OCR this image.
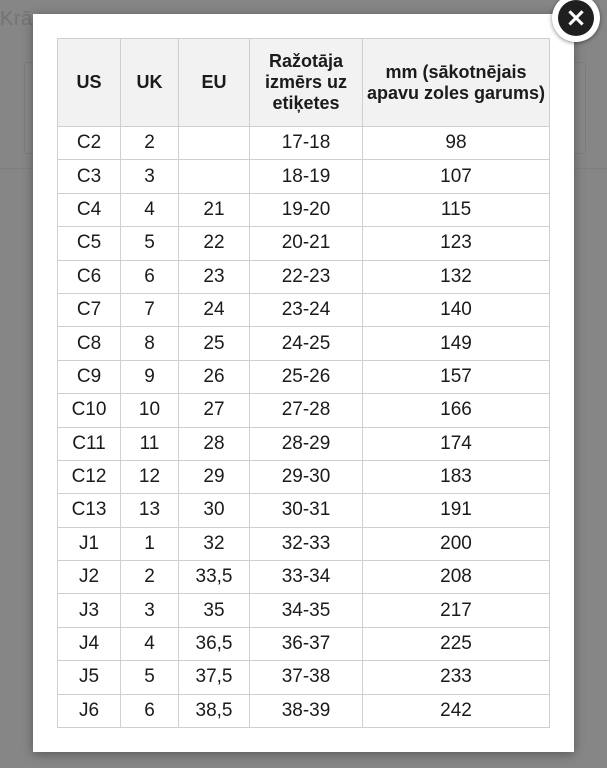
Krā
US	UK	EU	Ražotāja izmērs uz etiķetes	mm (sākotnējais apavu zoles garums)
C2	2		17-18	98
C3	3		18-19	107
C4	4	21	19-20	115
C5	5	22	20-21	123
C6	6	23	22-23	132
C7	7	24	23-24	140
C8	8	25	24-25	149
C9	9	26	25-26	157
C10	10	27	27-28	166
C11	11	28	28-29	174
C12	12	29	29-30	183
C13	13	30	30-31	191
J1	1	32	32-33	200
J2	2	33,5	33-34	208
J3	3	35	34-35	217
J4	4	36,5	36-37	225
J5	5	37,5	37-38	233
J6	6	38,5	38-39	242
×
